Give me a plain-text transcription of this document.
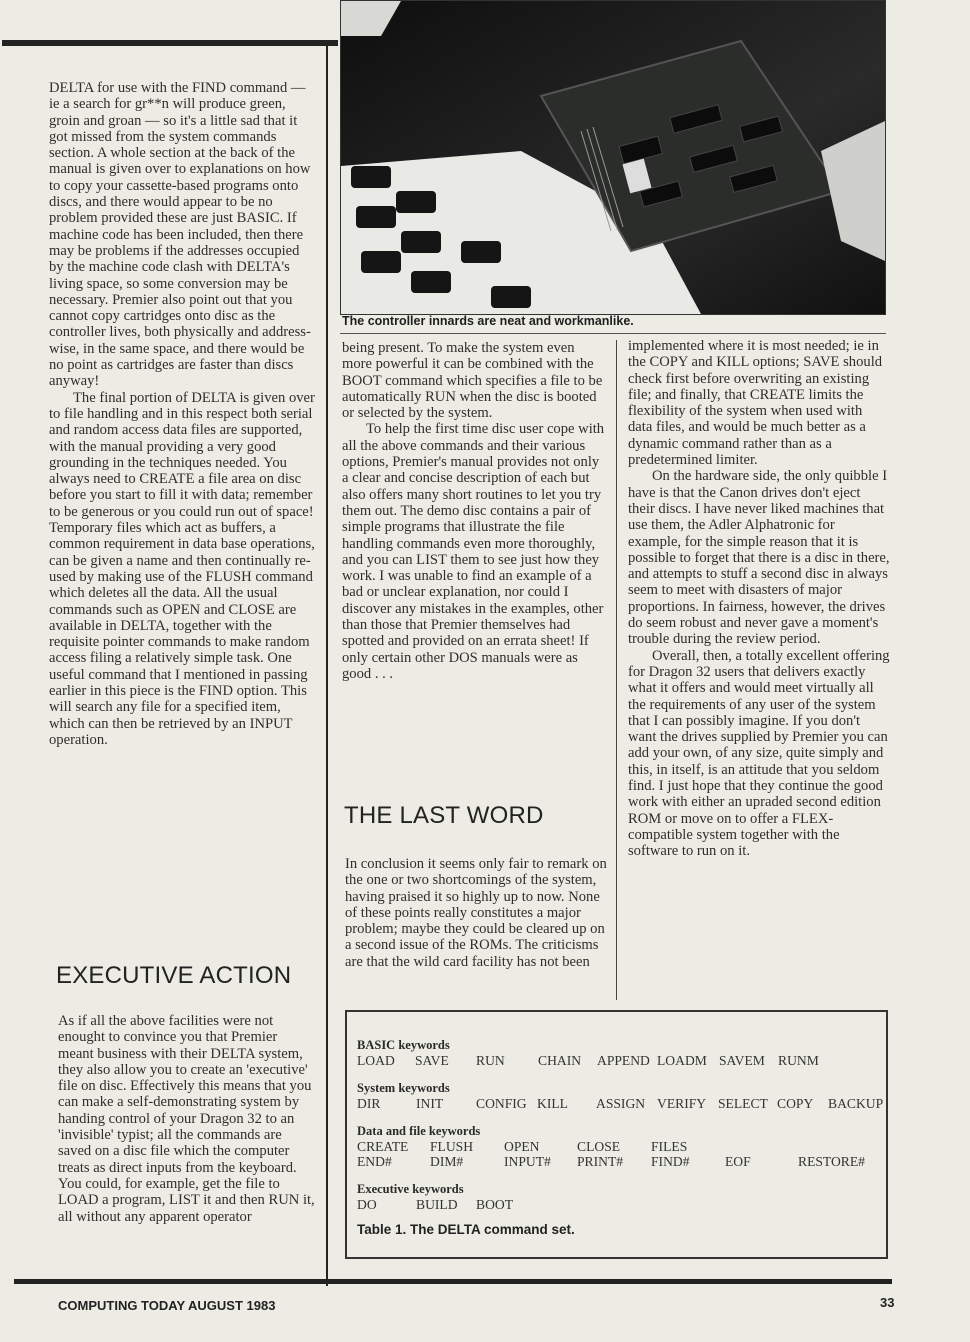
The controller innards are neat and workmanlike.

DELTA for use with the FIND command — ie a search for gr**n will produce green, groin and groan — so it's a little sad that it got missed from the system commands section. A whole section at the back of the manual is given over to explanations on how to copy your cassette-based programs onto discs, and there would appear to be no problem provided these are just BASIC. If machine code has been included, then there may be problems if the addresses occupied by the machine code clash with DELTA's living space, so some conversion may be necessary. Premier also point out that you cannot copy cartridges onto disc as the controller lives, both physically and address-wise, in the same space, and there would be no point as cartridges are faster than discs anyway!

The final portion of DELTA is given over to file handling and in this respect both serial and random access data files are supported, with the manual providing a very good grounding in the techniques needed. You always need to CREATE a file area on disc before you start to fill it with data; remember to be generous or you could run out of space! Temporary files which act as buffers, a common requirement in data base operations, can be given a name and then continually re-used by making use of the FLUSH command which deletes all the data. All the usual commands such as OPEN and CLOSE are available in DELTA, together with the requisite pointer commands to make random access filing a relatively simple task. One useful command that I mentioned in passing earlier in this piece is the FIND option. This will search any file for a specified item, which can then be retrieved by an INPUT operation.

EXECUTIVE ACTION

As if all the above facilities were not enought to convince you that Premier meant business with their DELTA system, they also allow you to create an 'executive' file on disc. Effectively this means that you can make a self-demonstrating system by handing control of your Dragon 32 to an 'invisible' typist; all the commands are saved on a disc file which the computer treats as direct inputs from the keyboard. You could, for example, get the file to LOAD a program, LIST it and then RUN it, all without any apparent operator

being present. To make the system even more powerful it can be combined with the BOOT command which specifies a file to be automatically RUN when the disc is booted or selected by the system.

To help the first time disc user cope with all the above commands and their various options, Premier's manual provides not only a clear and concise description of each but also offers many short routines to let you try them out. The demo disc contains a pair of simple programs that illustrate the file handling commands even more thoroughly, and you can LIST them to see just how they work. I was unable to find an example of a bad or unclear explanation, nor could I discover any mistakes in the examples, other than those that Premier themselves had spotted and provided on an errata sheet! If only certain other DOS manuals were as good . . .

THE LAST WORD

In conclusion it seems only fair to remark on the one or two shortcomings of the system, having praised it so highly up to now. None of these points really constitutes a major problem; maybe they could be cleared up on a second issue of the ROMs. The criticisms are that the wild card facility has not been

implemented where it is most needed; ie in the COPY and KILL options; SAVE should check first before overwriting an existing file; and finally, that CREATE limits the flexibility of the system when used with data files, and would be much better as a dynamic command rather than as a predetermined limiter.

On the hardware side, the only quibble I have is that the Canon drives don't eject their discs. I have never liked machines that use them, the Adler Alphatronic for example, for the simple reason that it is possible to forget that there is a disc in there, and attempts to stuff a second disc in always seem to meet with disasters of major proportions. In fairness, however, the drives do seem robust and never gave a moment's trouble during the review period.

Overall, then, a totally excellent offering for Dragon 32 users that delivers exactly what it offers and would meet virtually all the requirements of any user of the system that I can possibly imagine. If you don't want the drives supplied by Premier you can add your own, of any size, quite simply and this, in itself, is an attitude that you seldom find. I just hope that they continue the good work with either an upraded second edition ROM or move on to offer a FLEX-compatible system together with the software to run on it.

BASIC keywords
LOAD SAVE RUN CHAIN APPEND LOADM SAVEM RUNM
System keywords
DIR	INIT CONFIG KILL ASSIGN VERIFY SELECT COPY BACKUP
Data and file keywords
CREATE FLUSH OPEN	CLOSE FILES
END#	DIM#	INPUT# PRINT# FIND#	EOF	RESTORE#
Executive keywords
DO	BUILD BOOT

Table 1. The DELTA command set.

COMPUTING TODAY AUGUST 1983	33
